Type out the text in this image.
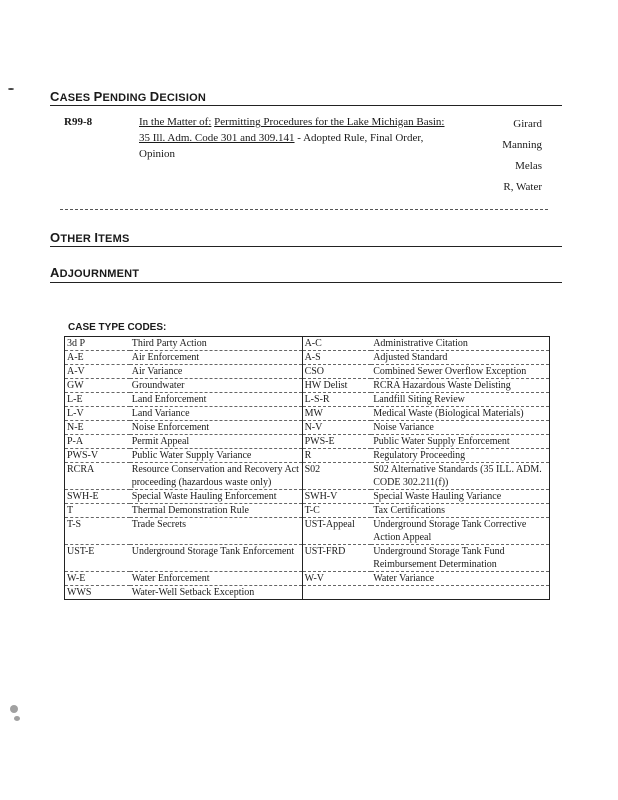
CASES PENDING DECISION
R99-8	In the Matter of: Permitting Procedures for the Lake Michigan Basin: 35 Ill. Adm. Code 301 and 309.141 - Adopted Rule, Final Order, Opinion
Girard
Manning
Melas
R, Water
OTHER ITEMS
ADJOURNMENT
CASE TYPE CODES:
3d P	Third Party Action	A-C	Administrative Citation
A-E	Air Enforcement	A-S	Adjusted Standard
A-V	Air Variance	CSO	Combined Sewer Overflow Exception
GW	Groundwater	HW Delist	RCRA Hazardous Waste Delisting
L-E	Land Enforcement	L-S-R	Landfill Siting Review
L-V	Land Variance	MW	Medical Waste (Biological Materials)
N-E	Noise Enforcement	N-V	Noise Variance
P-A	Permit Appeal	PWS-E	Public Water Supply Enforcement
PWS-V	Public Water Supply Variance	R	Regulatory Proceeding
RCRA	Resource Conservation and Recovery Act proceeding (hazardous waste only)	S02	S02 Alternative Standards (35 ILL. ADM. CODE 302.211(f))
SWH-E	Special Waste Hauling Enforcement	SWH-V	Special Waste Hauling Variance
T	Thermal Demonstration Rule	T-C	Tax Certifications
T-S	Trade Secrets	UST-Appeal	Underground Storage Tank Corrective Action Appeal
UST-E	Underground Storage Tank Enforcement	UST-FRD	Underground Storage Tank Fund Reimbursement Determination
W-E	Water Enforcement	W-V	Water Variance
WWS	Water-Well Setback Exception		
